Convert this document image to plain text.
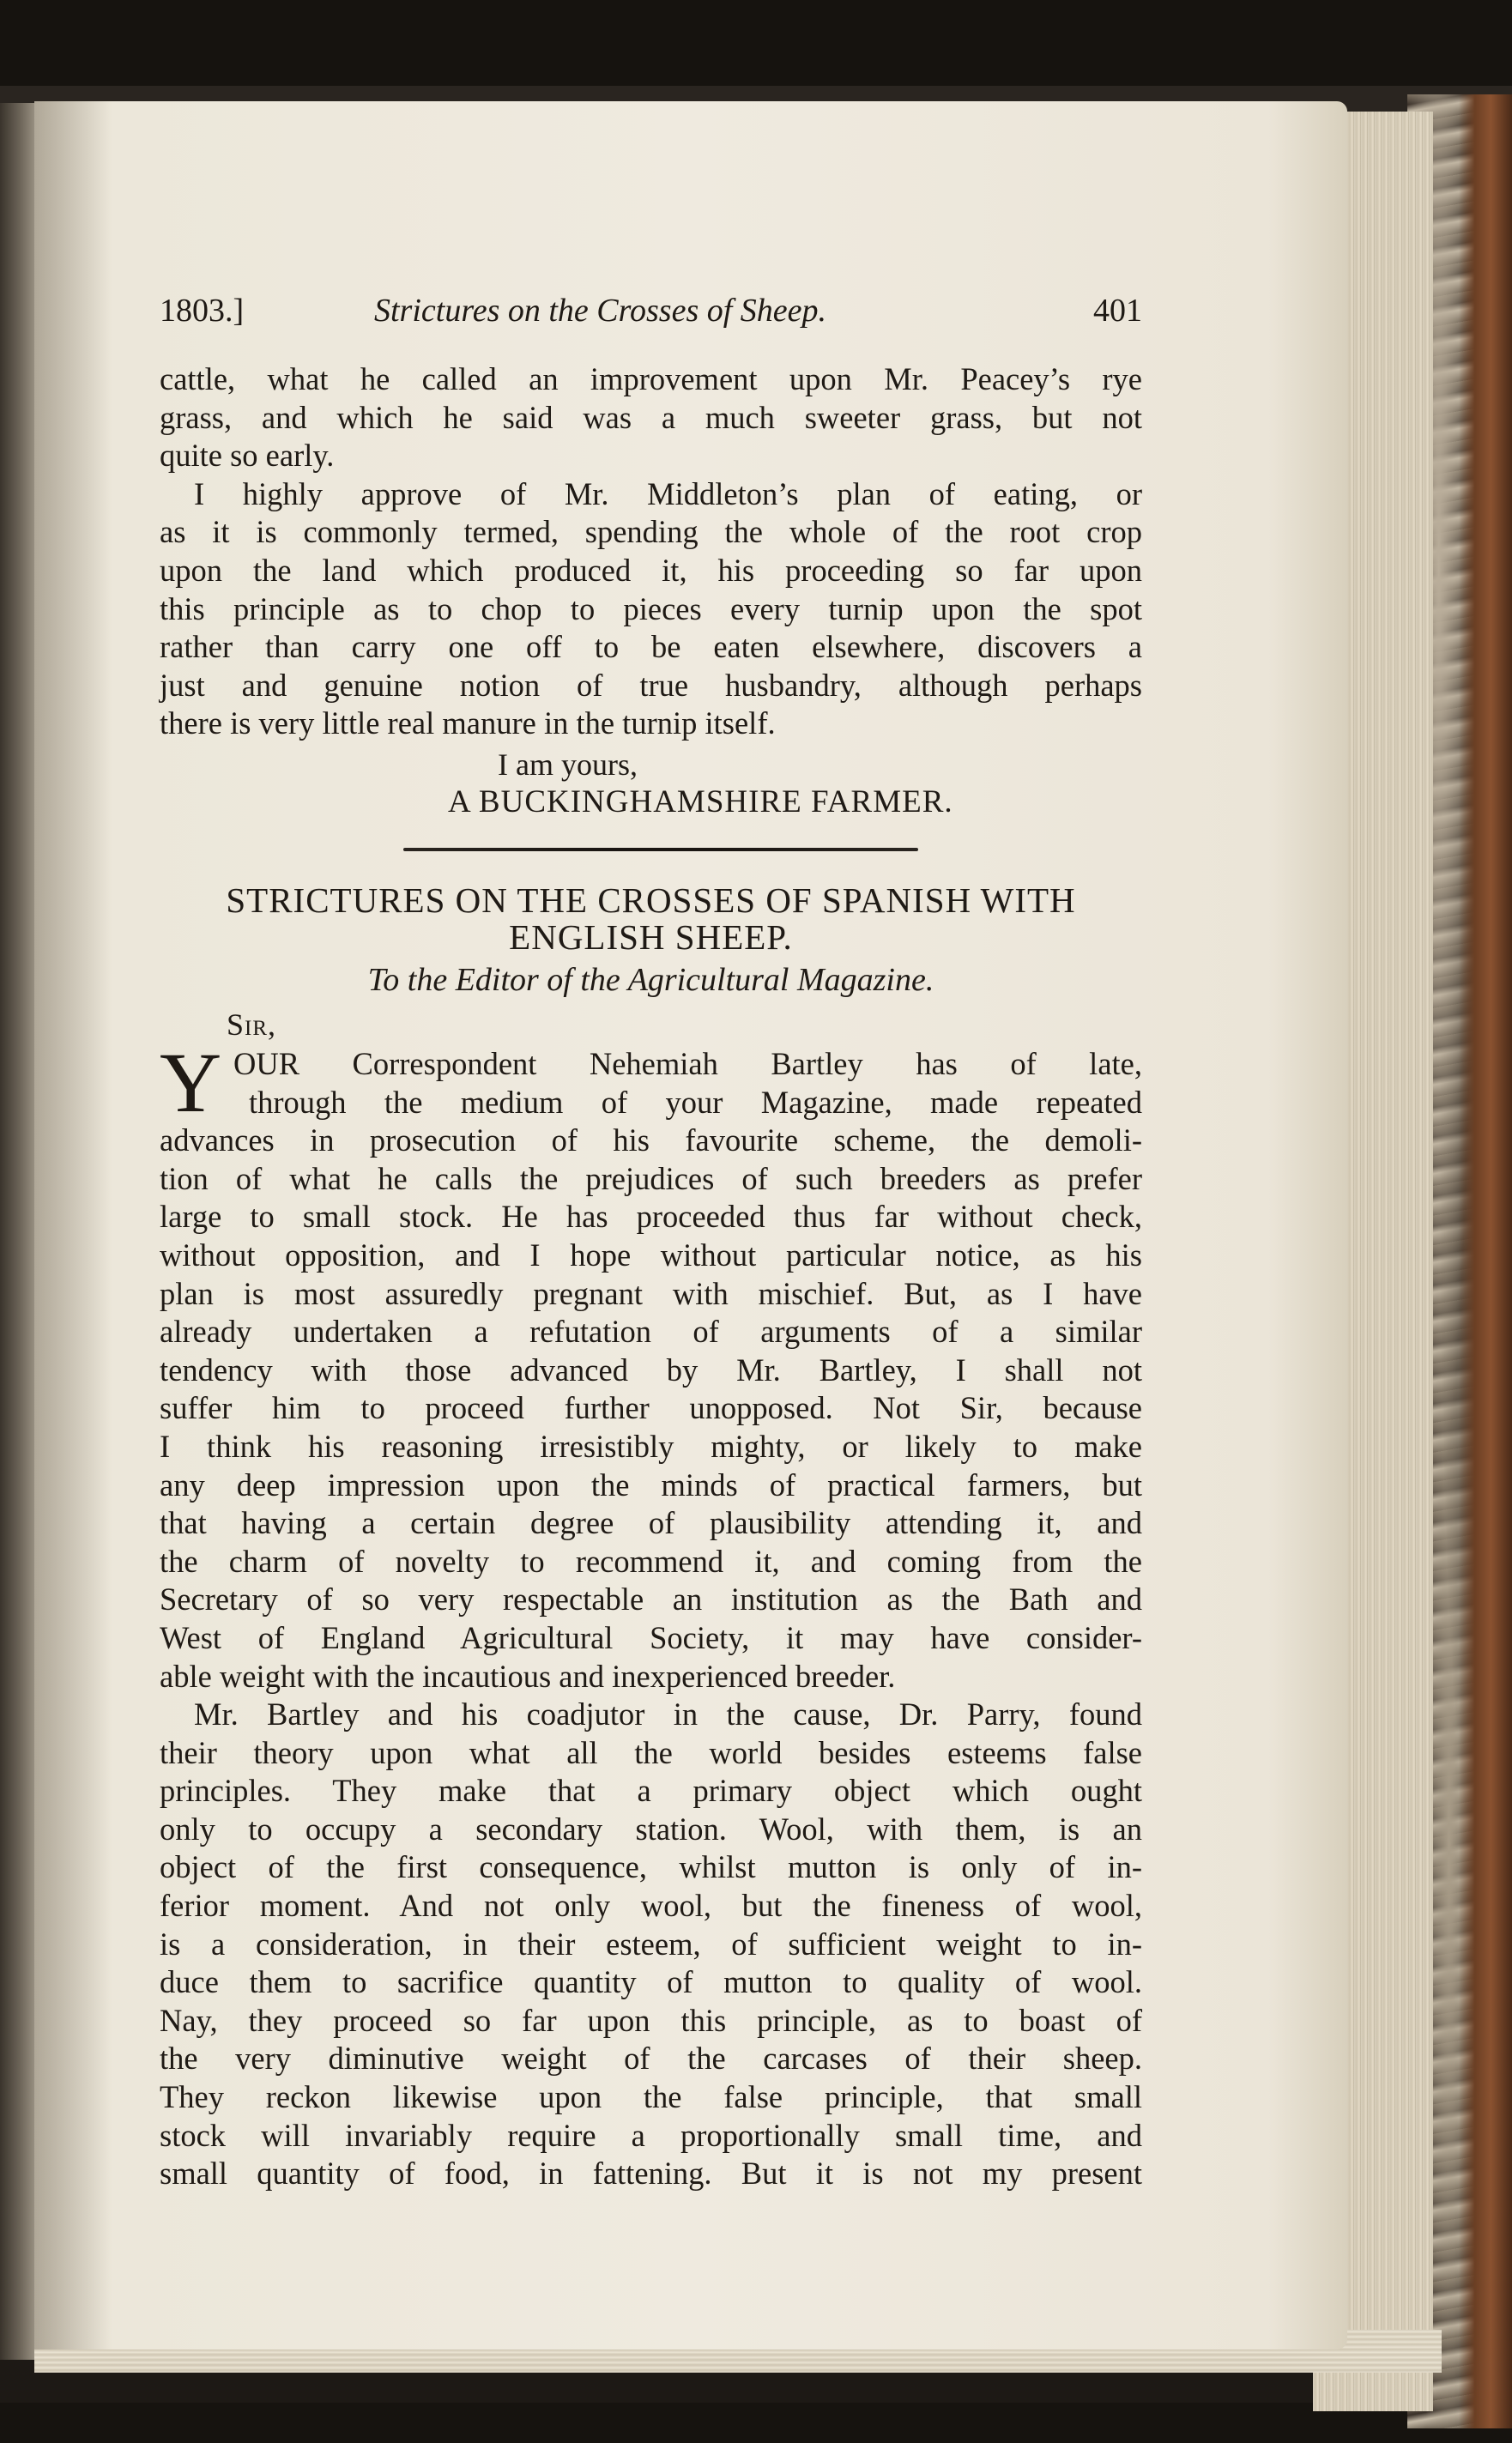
1803.]	Strictures on the Crosses of Sheep.	401
cattle, what he called an improvement upon Mr. Peacey’s rye
grass, and which he said was a much sweeter grass, but not
quite so early.
I highly approve of Mr. Middleton’s plan of eating, or
as it is commonly termed, spending the whole of the root crop
upon the land which produced it, his proceeding so far upon
this principle as to chop to pieces every turnip upon the spot
rather than carry one off to be eaten elsewhere, discovers a
just and genuine notion of true husbandry, although perhaps
there is very little real manure in the turnip itself.
I am yours,
A BUCKINGHAMSHIRE FARMER.
STRICTURES ON THE CROSSES OF SPANISH WITH
ENGLISH SHEEP.
To the Editor of the Agricultural Magazine.
Sir,
Y OUR Correspondent Nehemiah Bartley has of late,
through the medium of your Magazine, made repeated
advances in prosecution of his favourite scheme, the demoli-
tion of what he calls the prejudices of such breeders as prefer
large to small stock. He has proceeded thus far without check,
without opposition, and I hope without particular notice, as his
plan is most assuredly pregnant with mischief. But, as I have
already undertaken a refutation of arguments of a similar
tendency with those advanced by Mr. Bartley, I shall not
suffer him to proceed further unopposed. Not Sir, because
I think his reasoning irresistibly mighty, or likely to make
any deep impression upon the minds of practical farmers, but
that having a certain degree of plausibility attending it, and
the charm of novelty to recommend it, and coming from the
Secretary of so very respectable an institution as the Bath and
West of England Agricultural Society, it may have consider-
able weight with the incautious and inexperienced breeder.
Mr. Bartley and his coadjutor in the cause, Dr. Parry, found
their theory upon what all the world besides esteems false
principles. They make that a primary object which ought
only to occupy a secondary station. Wool, with them, is an
object of the first consequence, whilst mutton is only of in-
ferior moment. And not only wool, but the fineness of wool,
is a consideration, in their esteem, of sufficient weight to in-
duce them to sacrifice quantity of mutton to quality of wool.
Nay, they proceed so far upon this principle, as to boast of
the very diminutive weight of the carcases of their sheep.
They reckon likewise upon the false principle, that small
stock will invariably require a proportionally small time, and
small quantity of food, in fattening. But it is not my present
